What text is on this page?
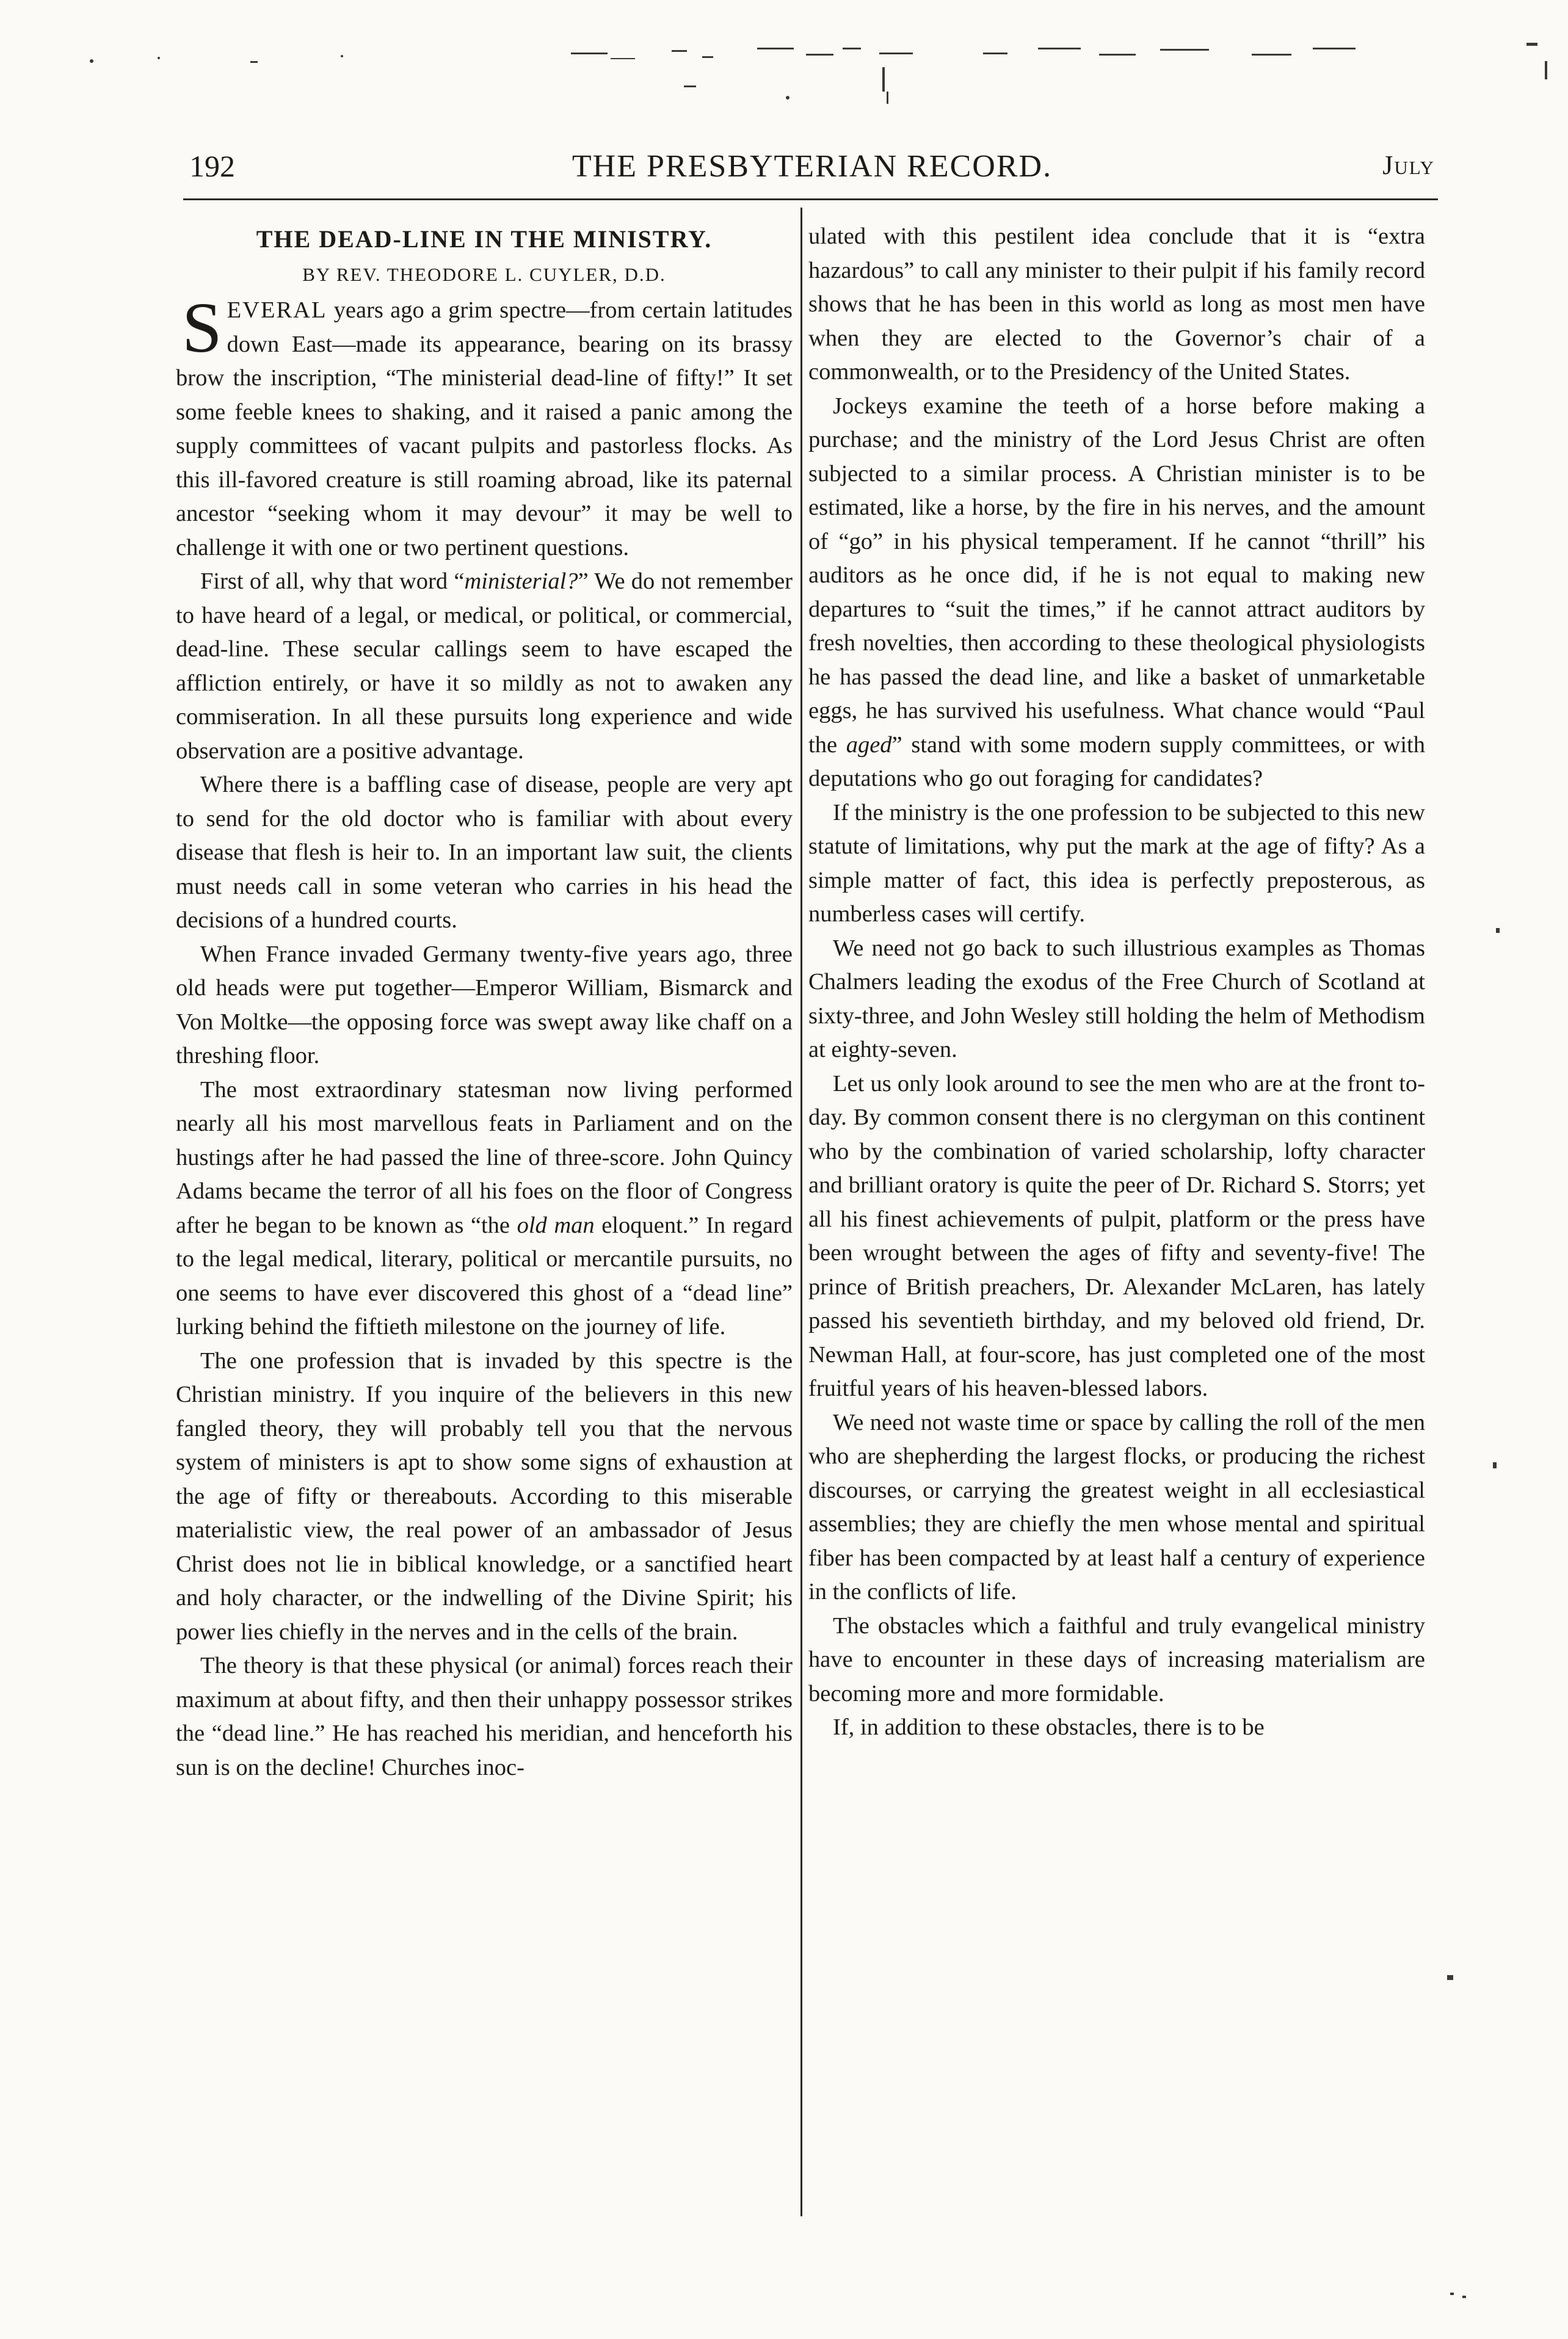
192	THE PRESBYTERIAN RECORD.	July
THE DEAD-LINE IN THE MINISTRY.
BY REV. THEODORE L. CUYLER, D.D.

SEVERAL years ago a grim spectre—from certain latitudes down East—made its appearance, bearing on its brassy brow the inscription, “The ministerial dead-line of fifty!” It set some feeble knees to shaking, and it raised a panic among the supply committees of vacant pulpits and pastorless flocks. As this ill-favored creature is still roaming abroad, like its paternal ancestor “seeking whom it may devour” it may be well to challenge it with one or two pertinent questions.

First of all, why that word “ministerial?” We do not remember to have heard of a legal, or medical, or political, or commercial, dead-line. These secular callings seem to have escaped the affliction entirely, or have it so mildly as not to awaken any commiseration. In all these pursuits long experience and wide observation are a positive advantage.

Where there is a baffling case of disease, people are very apt to send for the old doctor who is familiar with about every disease that flesh is heir to. In an important law suit, the clients must needs call in some veteran who carries in his head the decisions of a hundred courts.

When France invaded Germany twenty-five years ago, three old heads were put together—Emperor William, Bismarck and Von Moltke—the opposing force was swept away like chaff on a threshing floor.

The most extraordinary statesman now living performed nearly all his most marvellous feats in Parliament and on the hustings after he had passed the line of three-score. John Quincy Adams became the terror of all his foes on the floor of Congress after he began to be known as “the old man eloquent.” In regard to the legal medical, literary, political or mercantile pursuits, no one seems to have ever discovered this ghost of a “dead line” lurking behind the fiftieth milestone on the journey of life.

The one profession that is invaded by this spectre is the Christian ministry. If you inquire of the believers in this new fangled theory, they will probably tell you that the nervous system of ministers is apt to show some signs of exhaustion at the age of fifty or thereabouts. According to this miserable materialistic view, the real power of an ambassador of Jesus Christ does not lie in biblical knowledge, or a sanctified heart and holy character, or the indwelling of the Divine Spirit; his power lies chiefly in the nerves and in the cells of the brain.

The theory is that these physical (or animal) forces reach their maximum at about fifty, and then their unhappy possessor strikes the “dead line.” He has reached his meridian, and henceforth his sun is on the decline! Churches inoc-

ulated with this pestilent idea conclude that it is “extra hazardous” to call any minister to their pulpit if his family record shows that he has been in this world as long as most men have when they are elected to the Governor’s chair of a commonwealth, or to the Presidency of the United States.

Jockeys examine the teeth of a horse before making a purchase; and the ministry of the Lord Jesus Christ are often subjected to a similar process. A Christian minister is to be estimated, like a horse, by the fire in his nerves, and the amount of “go” in his physical temperament. If he cannot “thrill” his auditors as he once did, if he is not equal to making new departures to “suit the times,” if he cannot attract auditors by fresh novelties, then according to these theological physiologists he has passed the dead line, and like a basket of unmarketable eggs, he has survived his usefulness. What chance would “Paul the aged” stand with some modern supply committees, or with deputations who go out foraging for candidates?

If the ministry is the one profession to be subjected to this new statute of limitations, why put the mark at the age of fifty? As a simple matter of fact, this idea is perfectly preposterous, as numberless cases will certify.

We need not go back to such illustrious examples as Thomas Chalmers leading the exodus of the Free Church of Scotland at sixty-three, and John Wesley still holding the helm of Methodism at eighty-seven.

Let us only look around to see the men who are at the front to-day. By common consent there is no clergyman on this continent who by the combination of varied scholarship, lofty character and brilliant oratory is quite the peer of Dr. Richard S. Storrs; yet all his finest achievements of pulpit, platform or the press have been wrought between the ages of fifty and seventy-five! The prince of British preachers, Dr. Alexander McLaren, has lately passed his seventieth birthday, and my beloved old friend, Dr. Newman Hall, at four-score, has just completed one of the most fruitful years of his heaven-blessed labors.

We need not waste time or space by calling the roll of the men who are shepherding the largest flocks, or producing the richest discourses, or carrying the greatest weight in all ecclesiastical assemblies; they are chiefly the men whose mental and spiritual fiber has been compacted by at least half a century of experience in the conflicts of life.

The obstacles which a faithful and truly evangelical ministry have to encounter in these days of increasing materialism are becoming more and more formidable.

If, in addition to these obstacles, there is to be
